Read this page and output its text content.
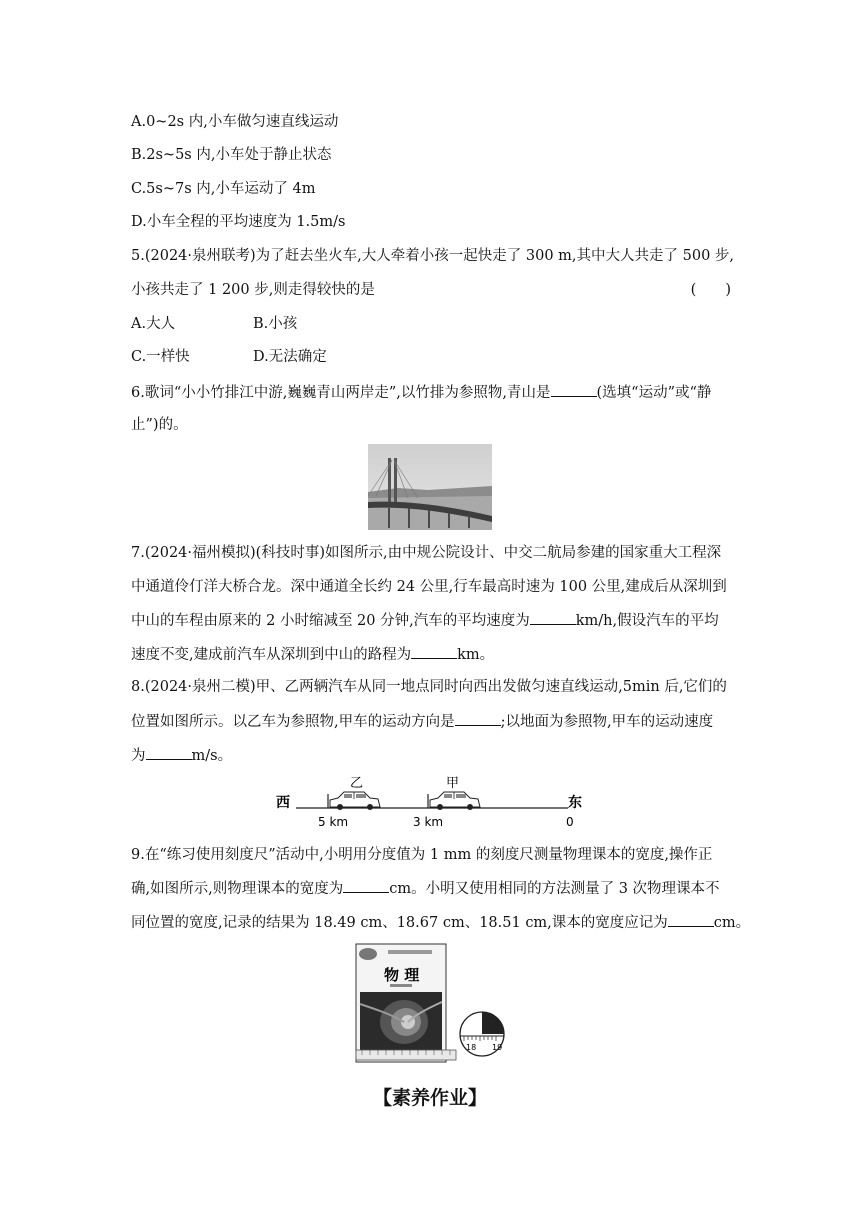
A.0~2s 内,小车做匀速直线运动
B.2s~5s 内,小车处于静止状态
C.5s~7s 内,小车运动了 4m
D.小车全程的平均速度为 1.5m/s
5.(2024·泉州联考)为了赶去坐火车,大人牵着小孩一起快走了 300 m,其中大人共走了 500 步,
小孩共走了 1 200 步,则走得较快的是	(　　)
A.大人	B.小孩
C.一样快	D.无法确定
6.歌词“小小竹排江中游,巍巍青山两岸走”,以竹排为参照物,青山是	(选填“运动”或“静
止”)的。
7.(2024·福州模拟)(科技时事)如图所示,由中规公院设计、中交二航局参建的国家重大工程深
中通道伶仃洋大桥合龙。深中通道全长约 24 公里,行车最高时速为 100 公里,建成后从深圳到
中山的车程由原来的 2 小时缩减至 20 分钟,汽车的平均速度为	km/h,假设汽车的平均
速度不变,建成前汽车从深圳到中山的路程为	km。
8.(2024·泉州二模)甲、乙两辆汽车从同一地点同时向西出发做匀速直线运动,5min 后,它们的
位置如图所示。以乙车为参照物,甲车的运动方向是	;以地面为参照物,甲车的运动速度
为	m/s。
西	东
乙	甲
5 km	3 km	0
9.在“练习使用刻度尺”活动中,小明用分度值为 1 mm 的刻度尺测量物理课本的宽度,操作正
确,如图所示,则物理课本的宽度为	cm。小明又使用相同的方法测量了 3 次物理课本不
同位置的宽度,记录的结果为 18.49 cm、18.67 cm、18.51 cm,课本的宽度应记为	cm。
物 理
18 19
【素养作业】
